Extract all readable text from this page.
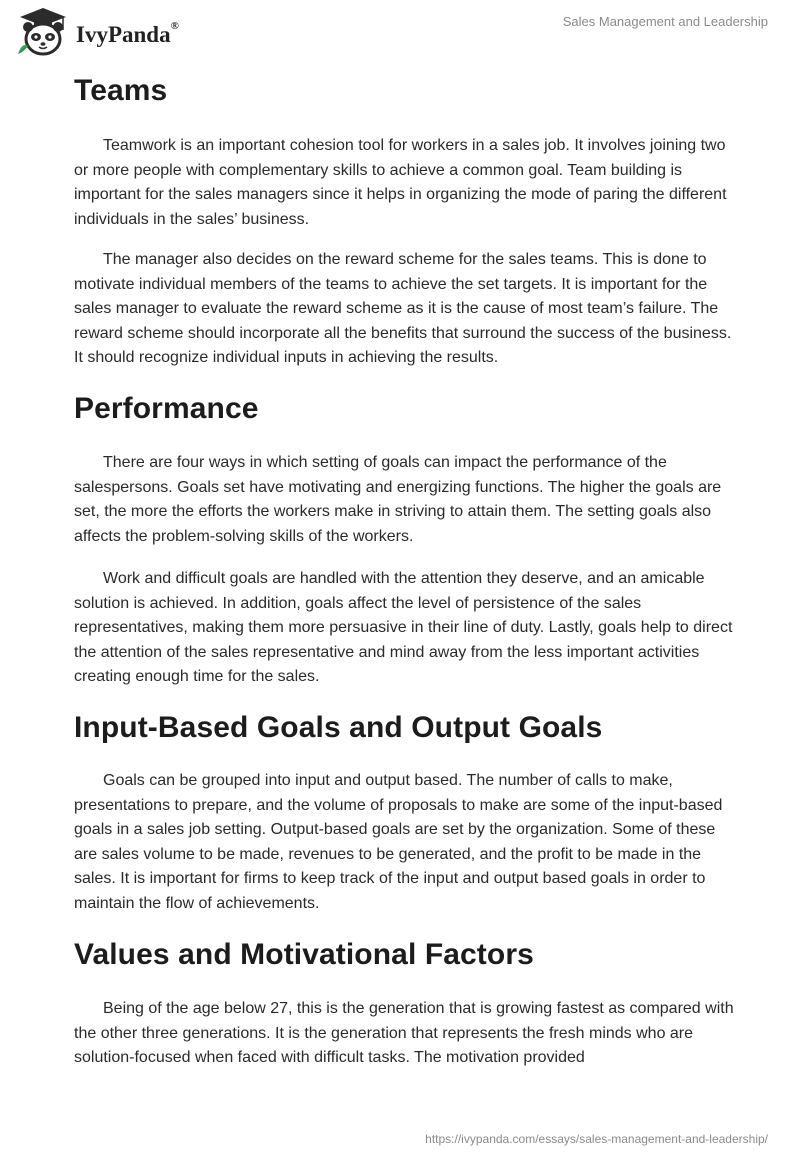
IvyPanda®	Sales Management and Leadership
Teams

Teamwork is an important cohesion tool for workers in a sales job. It involves joining two or more people with complementary skills to achieve a common goal. Team building is important for the sales managers since it helps in organizing the mode of paring the different individuals in the sales’ business.

The manager also decides on the reward scheme for the sales teams. This is done to motivate individual members of the teams to achieve the set targets. It is important for the sales manager to evaluate the reward scheme as it is the cause of most team’s failure. The reward scheme should incorporate all the benefits that surround the success of the business. It should recognize individual inputs in achieving the results.

Performance

There are four ways in which setting of goals can impact the performance of the salespersons. Goals set have motivating and energizing functions. The higher the goals are set, the more the efforts the workers make in striving to attain them. The setting goals also affects the problem-solving skills of the workers.

Work and difficult goals are handled with the attention they deserve, and an amicable solution is achieved. In addition, goals affect the level of persistence of the sales representatives, making them more persuasive in their line of duty. Lastly, goals help to direct the attention of the sales representative and mind away from the less important activities creating enough time for the sales.

Input-Based Goals and Output Goals

Goals can be grouped into input and output based. The number of calls to make, presentations to prepare, and the volume of proposals to make are some of the input-based goals in a sales job setting. Output-based goals are set by the organization. Some of these are sales volume to be made, revenues to be generated, and the profit to be made in the sales. It is important for firms to keep track of the input and output based goals in order to maintain the flow of achievements.

Values and Motivational Factors

Being of the age below 27, this is the generation that is growing fastest as compared with the other three generations. It is the generation that represents the fresh minds who are solution-focused when faced with difficult tasks. The motivation provided

https://ivypanda.com/essays/sales-management-and-leadership/
